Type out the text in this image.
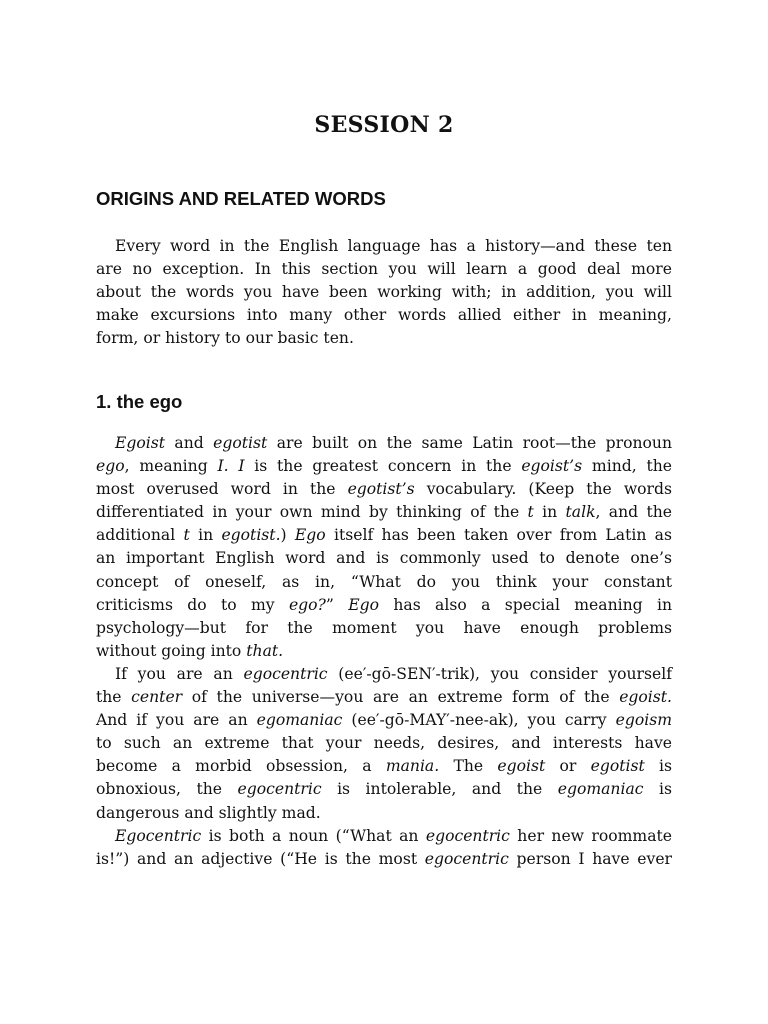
SESSION 2
ORIGINS AND RELATED WORDS
Every word in the English language has a history—and these ten
are no exception. In this section you will learn a good deal more
about the words you have been working with; in addition, you will
make excursions into many other words allied either in meaning,
form, or history to our basic ten.
1. the ego
Egoist and egotist are built on the same Latin root—the pronoun
ego, meaning I. I is the greatest concern in the egoist’s mind, the
most overused word in the egotist’s vocabulary. (Keep the words
differentiated in your own mind by thinking of the t in talk, and the
additional t in egotist.) Ego itself has been taken over from Latin as
an important English word and is commonly used to denote one’s
concept of oneself, as in, “What do you think your constant
criticisms do to my ego?” Ego has also a special meaning in
psychology—but for the moment you have enough problems
without going into that.
If you are an egocentric (ee′-gō-SEN′-trik), you consider yourself
the center of the universe—you are an extreme form of the egoist.
And if you are an egomaniac (ee′-gō-MAY′-nee-ak), you carry egoism
to such an extreme that your needs, desires, and interests have
become a morbid obsession, a mania. The egoist or egotist is
obnoxious, the egocentric is intolerable, and the egomaniac is
dangerous and slightly mad.
Egocentric is both a noun (“What an egocentric her new roommate
is!”) and an adjective (“He is the most egocentric person I have ever
